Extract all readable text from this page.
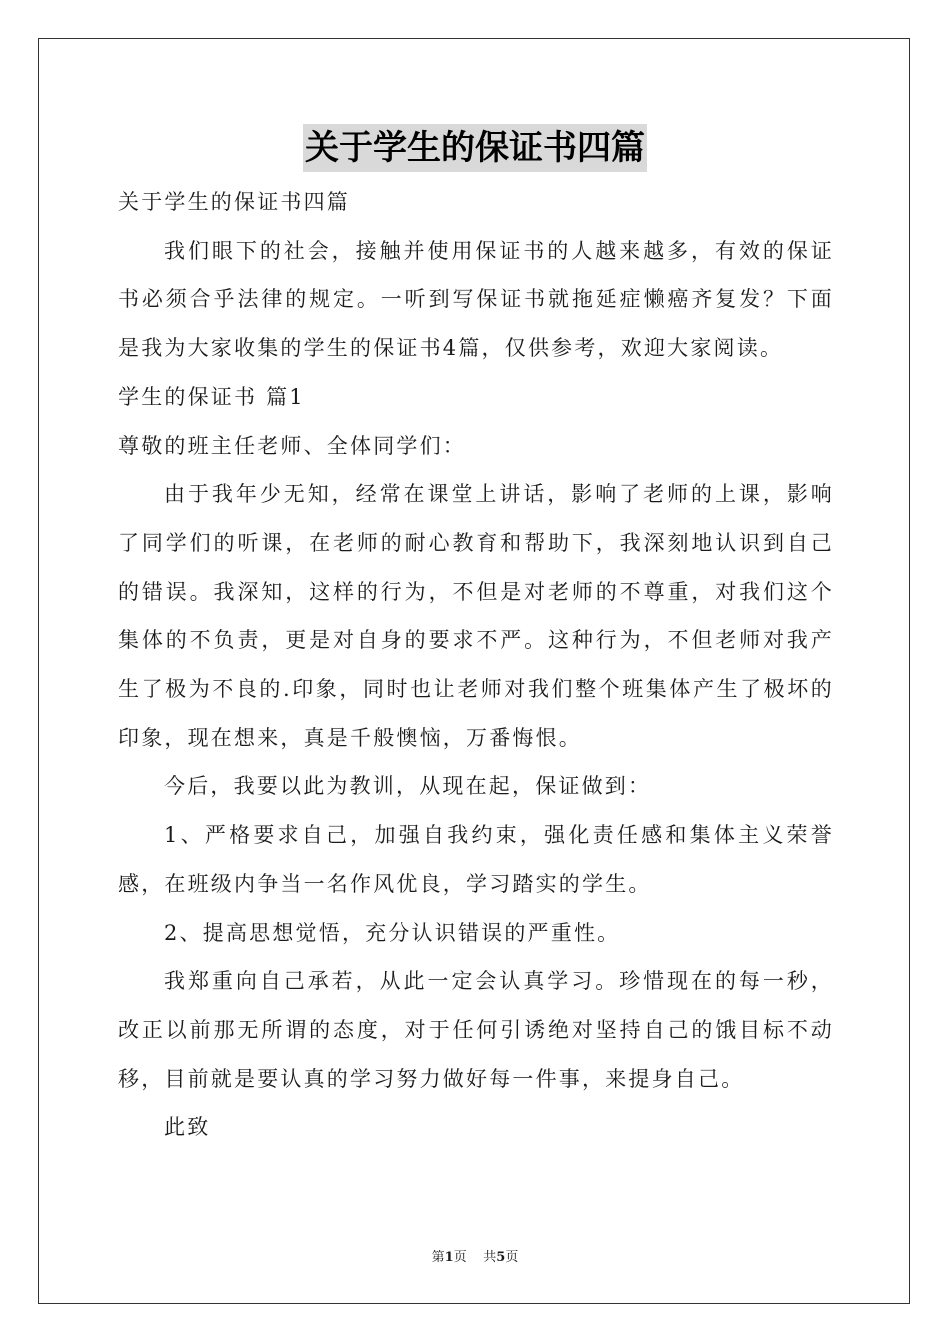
关于学生的保证书四篇

关于学生的保证书四篇

我们眼下的社会，接触并使用保证书的人越来越多，有效的保证书必须合乎法律的规定。一听到写保证书就拖延症懒癌齐复发？下面是我为大家收集的学生的保证书4篇，仅供参考，欢迎大家阅读。

学生的保证书 篇1

尊敬的班主任老师、全体同学们：

由于我年少无知，经常在课堂上讲话，影响了老师的上课，影响了同学们的听课，在老师的耐心教育和帮助下，我深刻地认识到自己的错误。我深知，这样的行为，不但是对老师的不尊重，对我们这个集体的不负责，更是对自身的要求不严。这种行为，不但老师对我产生了极为不良的.印象，同时也让老师对我们整个班集体产生了极坏的印象，现在想来，真是千般懊恼，万番悔恨。

今后，我要以此为教训，从现在起，保证做到：

1、严格要求自己，加强自我约束，强化责任感和集体主义荣誉感，在班级内争当一名作风优良，学习踏实的学生。

2、提高思想觉悟，充分认识错误的严重性。

我郑重向自己承若，从此一定会认真学习。珍惜现在的每一秒，改正以前那无所谓的态度，对于任何引诱绝对坚持自己的饿目标不动移，目前就是要认真的学习努力做好每一件事，来提身自己。

此致

第1页 共5页
